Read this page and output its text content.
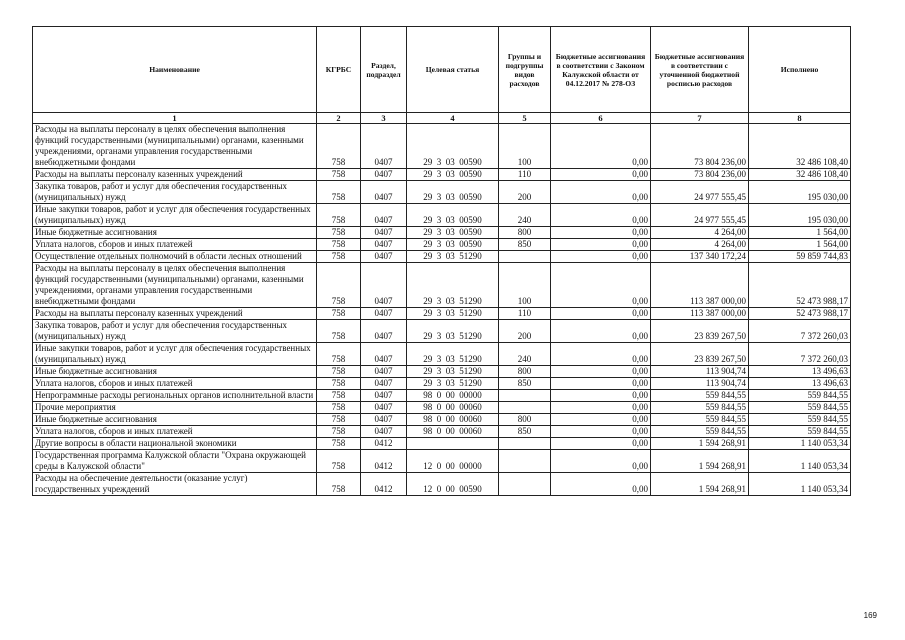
Наименование	КГРБС	Раздел, подраздел	Целевая статья	Группы и подгруппы видов расходов	Бюджетные ассигнования в соответствии с Законом Калужской области от 04.12.2017 № 278-ОЗ	Бюджетные ассигнования в соответствии с уточненной бюджетной росписью расходов	Исполнено
1	2	3	4	5	6	7	8
Расходы на выплаты персоналу в целях обеспечения выполнения функций государственными (муниципальными) органами, казенными учреждениями, органами управления государственными внебюджетными фондами	758	0407	29  3  03  00590	100	0,00	73 804 236,00	32 486 108,40
Расходы на выплаты персоналу казенных учреждений	758	0407	29  3  03  00590	110	0,00	73 804 236,00	32 486 108,40
Закупка товаров, работ и услуг для обеспечения государственных (муниципальных) нужд	758	0407	29  3  03  00590	200	0,00	24 977 555,45	195 030,00
Иные закупки товаров, работ и услуг для обеспечения государственных (муниципальных) нужд	758	0407	29  3  03  00590	240	0,00	24 977 555,45	195 030,00
Иные бюджетные ассигнования	758	0407	29  3  03  00590	800	0,00	4 264,00	1 564,00
Уплата налогов, сборов и иных платежей	758	0407	29  3  03  00590	850	0,00	4 264,00	1 564,00
Осуществление отдельных полномочий в области лесных отношений	758	0407	29  3  03  51290		0,00	137 340 172,24	59 859 744,83
Расходы на выплаты персоналу в целях обеспечения выполнения функций государственными (муниципальными) органами, казенными учреждениями, органами управления государственными внебюджетными фондами	758	0407	29  3  03  51290	100	0,00	113 387 000,00	52 473 988,17
Расходы на выплаты персоналу казенных учреждений	758	0407	29  3  03  51290	110	0,00	113 387 000,00	52 473 988,17
Закупка товаров, работ и услуг для обеспечения государственных (муниципальных) нужд	758	0407	29  3  03  51290	200	0,00	23 839 267,50	7 372 260,03
Иные закупки товаров, работ и услуг для обеспечения государственных (муниципальных) нужд	758	0407	29  3  03  51290	240	0,00	23 839 267,50	7 372 260,03
Иные бюджетные ассигнования	758	0407	29  3  03  51290	800	0,00	113 904,74	13 496,63
Уплата налогов, сборов и иных платежей	758	0407	29  3  03  51290	850	0,00	113 904,74	13 496,63
Непрограммные расходы региональных органов исполнительной власти	758	0407	98  0  00  00000		0,00	559 844,55	559 844,55
Прочие мероприятия	758	0407	98  0  00  00060		0,00	559 844,55	559 844,55
Иные бюджетные ассигнования	758	0407	98  0  00  00060	800	0,00	559 844,55	559 844,55
Уплата налогов, сборов и иных платежей	758	0407	98  0  00  00060	850	0,00	559 844,55	559 844,55
Другие вопросы в области национальной экономики	758	0412			0,00	1 594 268,91	1 140 053,34
Государственная программа Калужской области "Охрана окружающей среды в Калужской области"	758	0412	12  0  00  00000		0,00	1 594 268,91	1 140 053,34
Расходы на обеспечение деятельности (оказание услуг) государственных учреждений	758	0412	12  0  00  00590		0,00	1 594 268,91	1 140 053,34
169
